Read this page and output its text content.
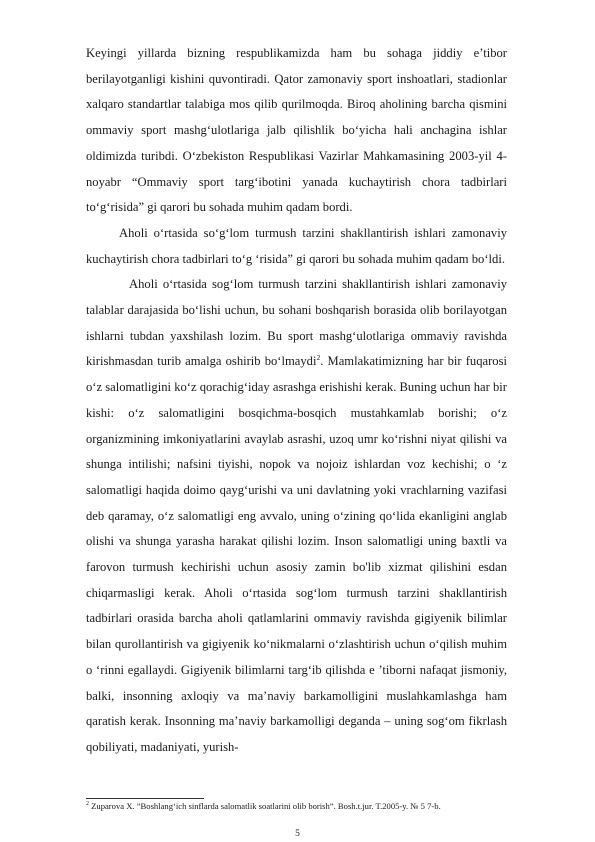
Keyingi yillarda bizning respublikamizda ham bu sohaga jiddiy e’tibor berilayotganligi kishini quvontiradi. Qator zamonaviy sport inshoatlari, stadionlar xalqaro standartlar talabiga mos qilib qurilmoqda. Biroq aholining barcha qismini ommaviy sport mashg‘ulotlariga jalb qilishlik bo‘yicha hali anchagina ishlar oldimizda turibdi. O‘zbekiston Respublikasi Vazirlar Mahkamasining 2003-yil 4-noyabr “Ommaviy sport targ‘ibotini yanada kuchaytirish chora tadbirlari to‘g‘risida” gi qarori bu sohada muhim qadam bordi.

Aholi o‘rtasida so‘g‘lom turmush tarzini shakllantirish ishlari zamonaviy kuchaytirish chora tadbirlari to‘g ‘risida” gi qarori bu sohada muhim qadam bo‘ldi.

Aholi o‘rtasida sog‘lom turmush tarzini shakllantirish ishlari zamonaviy talablar darajasida bo‘lishi uchun, bu sohani boshqarish borasida olib borilayotgan ishlarni tubdan yaxshilash lozim. Bu sport mashg‘ulotlariga ommaviy ravishda kirishmasdan turib amalga oshirib bo‘lmaydi$^2$. Mamlakatimizning har bir fuqarosi o‘z salomatligini ko‘z qorachig‘iday asrashga erishishi kerak. Buning uchun har bir kishi: o‘z salomatligini bosqichma-bosqich mustahkamlab borishi; o‘z organizmining imkoniyatlarini avaylab asrashi, uzoq umr ko‘rishni niyat qilishi va shunga intilishi; nafsini tiyishi, nopok va nojoiz ishlardan voz kechishi; o ‘z salomatligi haqida doimo qayg‘urishi va uni davlatning yoki vrachlarning vazifasi deb qaramay, o‘z salomatligi eng avvalo, uning o‘zining qo‘lida ekanligini anglab olishi va shunga yarasha harakat qilishi lozim. Inson salomatligi uning baxtli va farovon turmush kechirishi uchun asosiy zamin bo'lib xizmat qilishini esdan chiqarmasligi kerak. Aholi o‘rtasida sog‘lom turmush tarzini shakllantirish tadbirlari orasida barcha aholi qatlamlarini ommaviy ravishda gigiyenik bilimlar bilan qurollantirish va gigiyenik ko‘nikmalarni o‘zlashtirish uchun o‘qilish muhim o ‘rinni egallaydi. Gigiyenik bilimlarni targ‘ib qilishda e ’tiborni nafaqat jismoniy, balki, insonning axloqiy va ma’naviy barkamolligini muslahkamlashga ham qaratish kerak. Insonning ma’naviy barkamolligi deganda – uning sog‘om fikrlash qobiliyati, madaniyati, yurish-

$^2$ Zuparova X. ”Boshlang‘ich sinflarda salomatlik soatlarini olib borish”. Bosh.t.jur. T.2005-y. № 5 7-b.
5
